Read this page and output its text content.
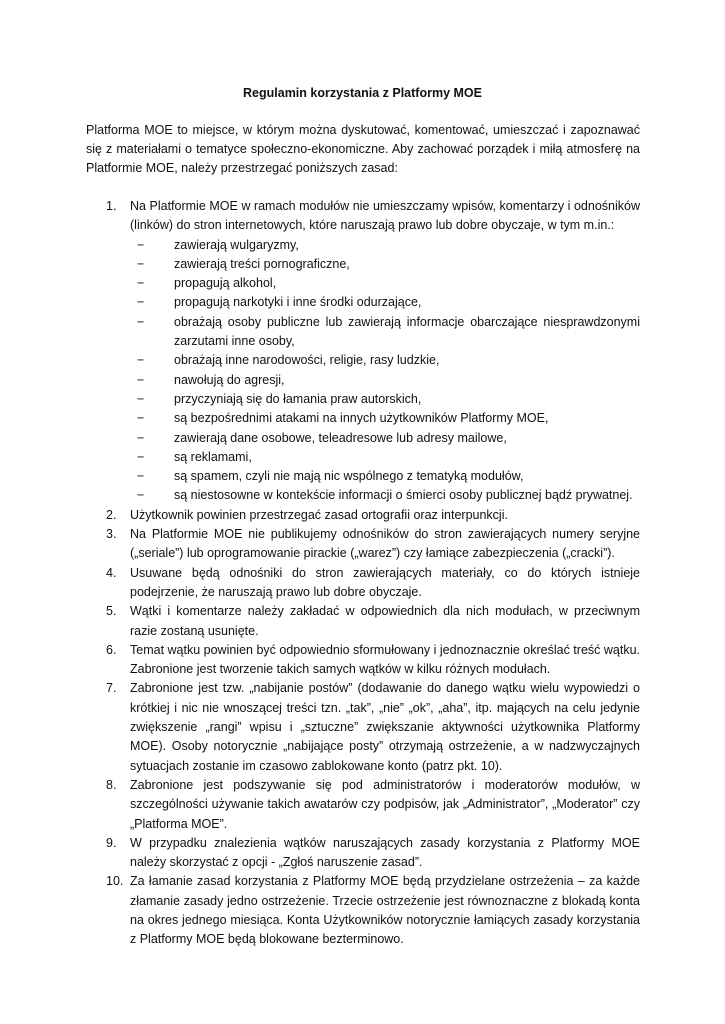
Regulamin korzystania z Platformy MOE

Platforma MOE to miejsce, w którym można dyskutować, komentować, umieszczać i zapoznawać się z materiałami o tematyce społeczno-ekonomiczne. Aby zachować porządek i miłą atmosferę na Platformie MOE, należy przestrzegać poniższych zasad:

1. Na Platformie MOE w ramach modułów nie umieszczamy wpisów, komentarzy i odnośników (linków) do stron internetowych, które naruszają prawo lub dobre obyczaje, w tym m.in.:
− zawierają wulgaryzmy,
− zawierają treści pornograficzne,
− propagują alkohol,
− propagują narkotyki i inne środki odurzające,
− obrażają osoby publiczne lub zawierają informacje obarczające niesprawdzonymi zarzutami inne osoby,
− obrażają inne narodowości, religie, rasy ludzkie,
− nawołują do agresji,
− przyczyniają się do łamania praw autorskich,
− są bezpośrednimi atakami na innych użytkowników Platformy MOE,
− zawierają dane osobowe, teleadresowe lub adresy mailowe,
− są reklamami,
− są spamem, czyli nie mają nic wspólnego z tematyką modułów,
− są niestosowne w kontekście informacji o śmierci osoby publicznej bądź prywatnej.
2. Użytkownik powinien przestrzegać zasad ortografii oraz interpunkcji.
3. Na Platformie MOE nie publikujemy odnośników do stron zawierających numery seryjne („seriale”) lub oprogramowanie pirackie („warez”) czy łamiące zabezpieczenia („cracki”).
4. Usuwane będą odnośniki do stron zawierających materiały, co do których istnieje podejrzenie, że naruszają prawo lub dobre obyczaje.
5. Wątki i komentarze należy zakładać w odpowiednich dla nich modułach, w przeciwnym razie zostaną usunięte.
6. Temat wątku powinien być odpowiednio sformułowany i jednoznacznie określać treść wątku. Zabronione jest tworzenie takich samych wątków w kilku różnych modułach.
7. Zabronione jest tzw. „nabijanie postów” (dodawanie do danego wątku wielu wypowiedzi o krótkiej i nic nie wnoszącej treści tzn. „tak”, „nie” „ok”, „aha”, itp. mających na celu jedynie zwiększenie „rangi” wpisu i „sztuczne” zwiększanie aktywności użytkownika Platformy MOE). Osoby notorycznie „nabijające posty” otrzymają ostrzeżenie, a w nadzwyczajnych sytuacjach zostanie im czasowo zablokowane konto (patrz pkt. 10).
8. Zabronione jest podszywanie się pod administratorów i moderatorów modułów, w szczególności używanie takich awatarów czy podpisów, jak „Administrator”, „Moderator” czy „Platforma MOE”.
9. W przypadku znalezienia wątków naruszających zasady korzystania z Platformy MOE należy skorzystać z opcji - „Zgłoś naruszenie zasad”.
10. Za łamanie zasad korzystania z Platformy MOE będą przydzielane ostrzeżenia – za każde złamanie zasady jedno ostrzeżenie. Trzecie ostrzeżenie jest równoznaczne z blokadą konta na okres jednego miesiąca. Konta Użytkowników notorycznie łamiących zasady korzystania z Platformy MOE będą blokowane bezterminowo.
